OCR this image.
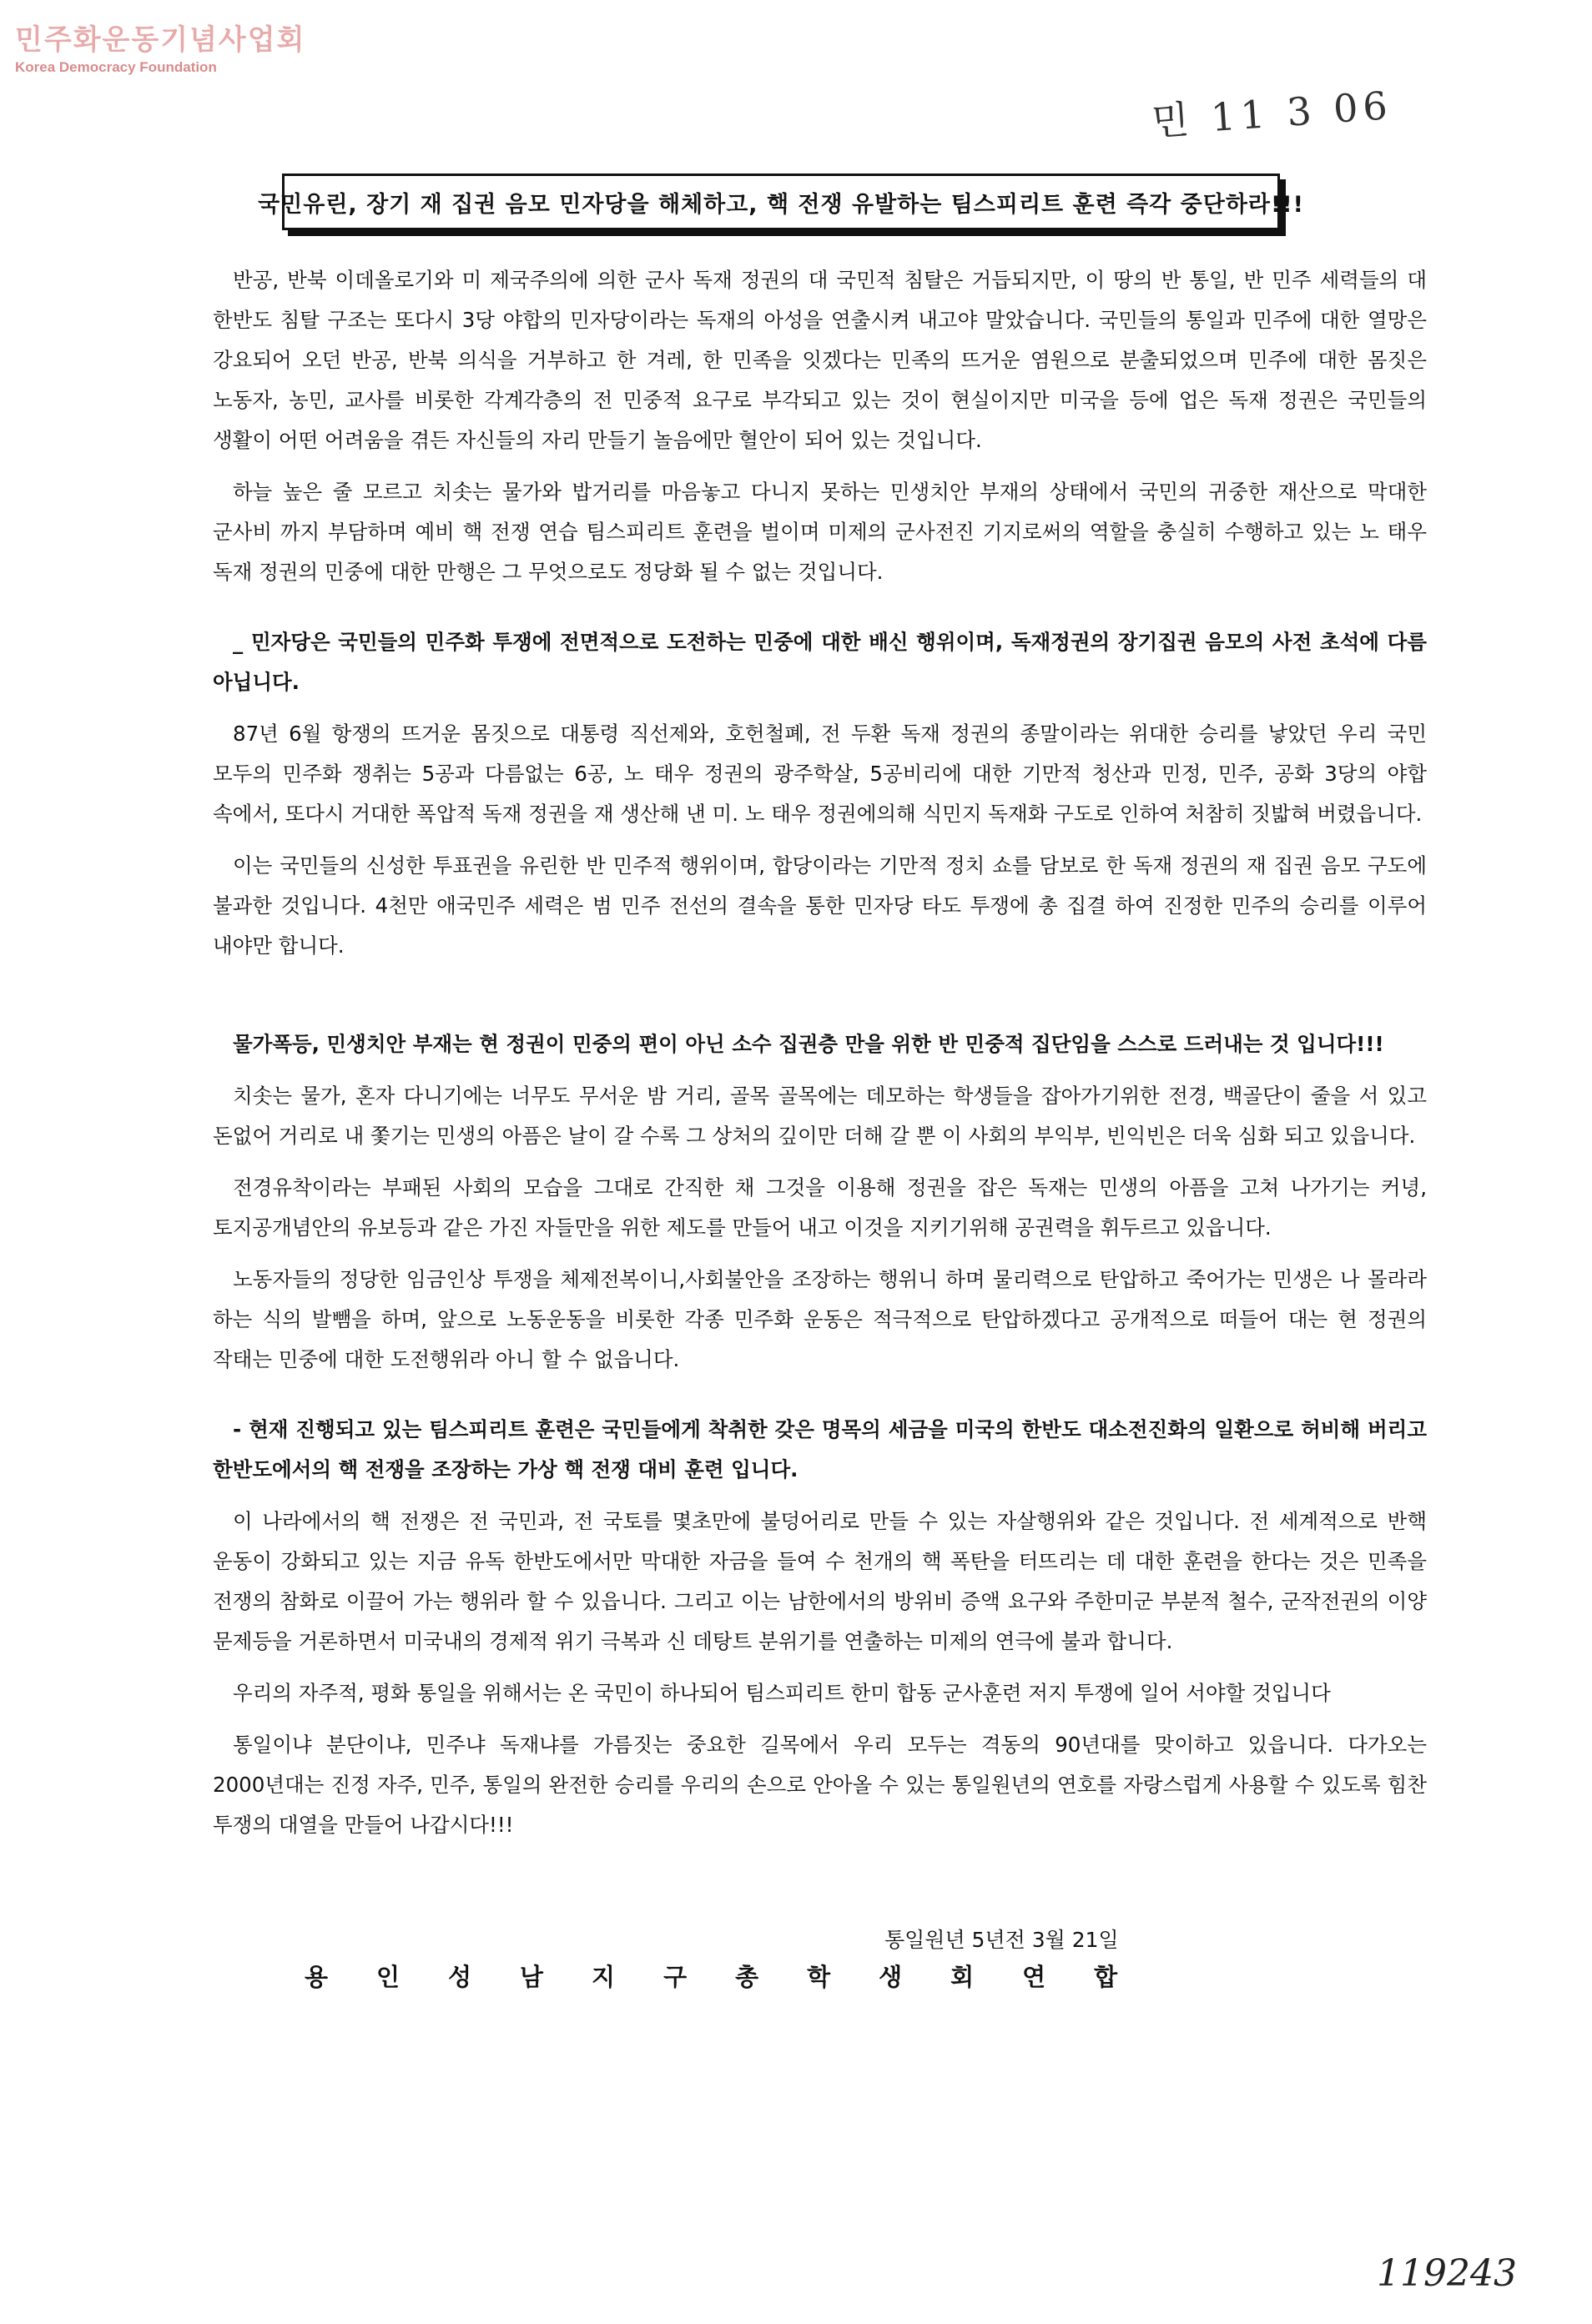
민주화운동기념사업회
Korea Democracy Foundation
민 11 3 06
국민유린, 장기 재 집권 음모 민자당을 해체하고, 핵 전쟁 유발하는 팀스피리트 훈련 즉각 중단하라!!!

반공, 반북 이데올로기와 미 제국주의에 의한 군사 독재 정권의 대 국민적 침탈은 거듭되지만, 이 땅의 반 통일, 반 민주 세력들의 대 한반도 침탈 구조는 또다시 3당 야합의 민자당이라는 독재의 아성을 연출시켜 내고야 말았습니다. 국민들의 통일과 민주에 대한 열망은 강요되어 오던 반공, 반북 의식을 거부하고 한 겨레, 한 민족을 잇겠다는 민족의 뜨거운 염원으로 분출되었으며 민주에 대한 몸짓은 노동자, 농민, 교사를 비롯한 각계각층의 전 민중적 요구로 부각되고 있는 것이 현실이지만 미국을 등에 업은 독재 정권은 국민들의 생활이 어떤 어려움을 겪든 자신들의 자리 만들기 놀음에만 혈안이 되어 있는 것입니다.

하늘 높은 줄 모르고 치솟는 물가와 밥거리를 마음놓고 다니지 못하는 민생치안 부재의 상태에서 국민의 귀중한 재산으로 막대한 군사비 까지 부담하며 예비 핵 전쟁 연습 팀스피리트 훈련을 벌이며 미제의 군사전진 기지로써의 역할을 충실히 수행하고 있는 노 태우 독재 정권의 민중에 대한 만행은 그 무엇으로도 정당화 될 수 없는 것입니다.

_ 민자당은 국민들의 민주화 투쟁에 전면적으로 도전하는 민중에 대한 배신 행위이며, 독재정권의 장기집권 음모의 사전 초석에 다름 아닙니다.

87년 6월 항쟁의 뜨거운 몸짓으로 대통령 직선제와, 호헌철폐, 전 두환 독재 정권의 종말이라는 위대한 승리를 낳았던 우리 국민 모두의 민주화 쟁취는 5공과 다름없는 6공, 노 태우 정권의 광주학살, 5공비리에 대한 기만적 청산과 민정, 민주, 공화 3당의 야합 속에서, 또다시 거대한 폭압적 독재 정권을 재 생산해 낸 미. 노 태우 정권에의해 식민지 독재화 구도로 인하여 처참히 짓밟혀 버렸읍니다.

이는 국민들의 신성한 투표권을 유린한 반 민주적 행위이며, 합당이라는 기만적 정치 쇼를 담보로 한 독재 정권의 재 집권 음모 구도에 불과한 것입니다. 4천만 애국민주 세력은 범 민주 전선의 결속을 통한 민자당 타도 투쟁에 총 집결 하여 진정한 민주의 승리를 이루어 내야만 합니다.

물가폭등, 민생치안 부재는 현 정권이 민중의 편이 아닌 소수 집권층 만을 위한 반 민중적 집단임을 스스로 드러내는 것 입니다!!!

치솟는 물가, 혼자 다니기에는 너무도 무서운 밤 거리, 골목 골목에는 데모하는 학생들을 잡아가기위한 전경, 백골단이 줄을 서 있고 돈없어 거리로 내 쫓기는 민생의 아픔은 날이 갈 수록 그 상처의 깊이만 더해 갈 뿐 이 사회의 부익부, 빈익빈은 더욱 심화 되고 있읍니다.

전경유착이라는 부패된 사회의 모습을 그대로 간직한 채 그것을 이용해 정권을 잡은 독재는 민생의 아픔을 고쳐 나가기는 커녕, 토지공개념안의 유보등과 같은 가진 자들만을 위한 제도를 만들어 내고 이것을 지키기위해 공권력을 휘두르고 있읍니다.

노동자들의 정당한 임금인상 투쟁을 체제전복이니,사회불안을 조장하는 행위니 하며 물리력으로 탄압하고 죽어가는 민생은 나 몰라라 하는 식의 발뺌을 하며, 앞으로 노동운동을 비롯한 각종 민주화 운동은 적극적으로 탄압하겠다고 공개적으로 떠들어 대는 현 정권의 작태는 민중에 대한 도전행위라 아니 할 수 없읍니다.

- 현재 진행되고 있는 팀스피리트 훈련은 국민들에게 착취한 갖은 명목의 세금을 미국의 한반도 대소전진화의 일환으로 허비해 버리고 한반도에서의 핵 전쟁을 조장하는 가상 핵 전쟁 대비 훈련 입니다.

이 나라에서의 핵 전쟁은 전 국민과, 전 국토를 몇초만에 불덩어리로 만들 수 있는 자살행위와 같은 것입니다. 전 세계적으로 반핵 운동이 강화되고 있는 지금 유독 한반도에서만 막대한 자금을 들여 수 천개의 핵 폭탄을 터뜨리는 데 대한 훈련을 한다는 것은 민족을 전쟁의 참화로 이끌어 가는 행위라 할 수 있읍니다. 그리고 이는 남한에서의 방위비 증액 요구와 주한미군 부분적 철수, 군작전권의 이양 문제등을 거론하면서 미국내의 경제적 위기 극복과 신 데탕트 분위기를 연출하는 미제의 연극에 불과 합니다.

우리의 자주적, 평화 통일을 위해서는 온 국민이 하나되어 팀스피리트 한미 합동 군사훈련 저지 투쟁에 일어 서야할 것입니다

통일이냐 분단이냐, 민주냐 독재냐를 가름짓는 중요한 길목에서 우리 모두는 격동의 90년대를 맞이하고 있읍니다. 다가오는 2000년대는 진정 자주, 민주, 통일의 완전한 승리를 우리의 손으로 안아올 수 있는 통일원년의 연호를 자랑스럽게 사용할 수 있도록 힘찬 투쟁의 대열을 만들어 나갑시다!!!

통일원년 5년전 3월 21일
용인성남지구총학생회연합
119243
